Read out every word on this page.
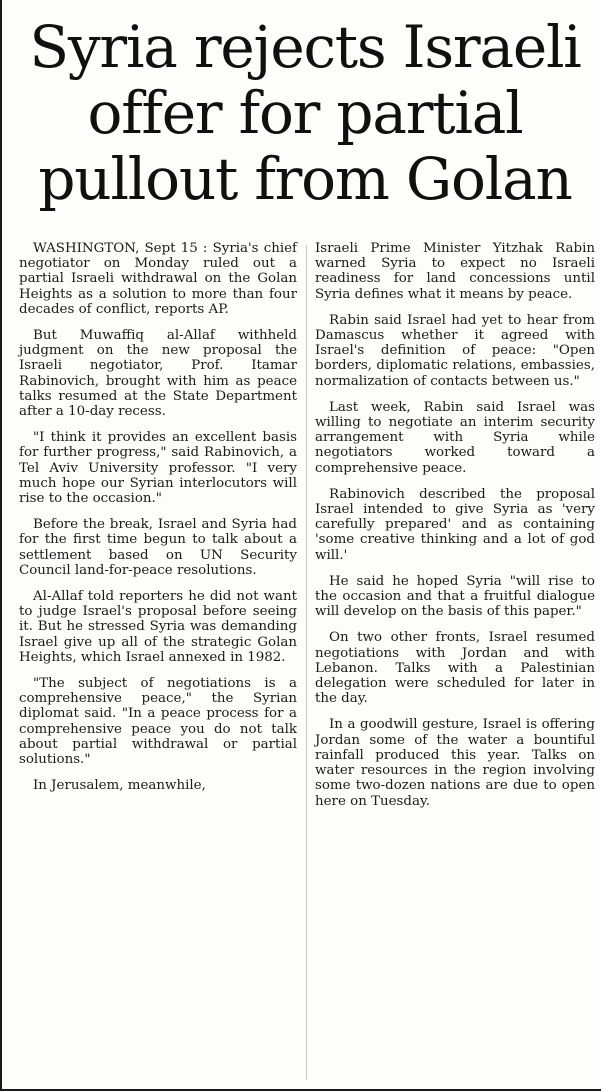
Syria rejects Israeli
offer for partial
pullout from Golan

WASHINGTON, Sept 15 : Syria's chief negotiator on Monday ruled out a partial Israeli withdrawal on the Golan Heights as a solution to more than four decades of conflict, reports AP.

But Muwaffiq al-Allaf withheld judgment on the new proposal the Israeli negotiator, Prof. Itamar Rabinovich, brought with him as peace talks resumed at the State Department after a 10-day recess.

"I think it provides an excellent basis for further progress," said Rabinovich, a Tel Aviv University professor. "I very much hope our Syrian interlocutors will rise to the occasion."

Before the break, Israel and Syria had for the first time begun to talk about a settlement based on UN Security Council land-for-peace resolutions.

Al-Allaf told reporters he did not want to judge Israel's proposal before seeing it. But he stressed Syria was demanding Israel give up all of the strategic Golan Heights, which Israel annexed in 1982.

"The subject of negotiations is a comprehensive peace," the Syrian diplomat said. "In a peace process for a comprehensive peace you do not talk about partial withdrawal or partial solutions."

In Jerusalem, meanwhile,

Israeli Prime Minister Yitzhak Rabin warned Syria to expect no Israeli readiness for land concessions until Syria defines what it means by peace.

Rabin said Israel had yet to hear from Damascus whether it agreed with Israel's definition of peace: "Open borders, diplomatic relations, embassies, normalization of contacts between us."

Last week, Rabin said Israel was willing to negotiate an interim security arrangement with Syria while negotiators worked toward a comprehensive peace.

Rabinovich described the proposal Israel intended to give Syria as 'very carefully prepared' and as containing 'some creative thinking and a lot of god will.'

He said he hoped Syria "will rise to the occasion and that a fruitful dialogue will develop on the basis of this paper."

On two other fronts, Israel resumed negotiations with Jordan and with Lebanon. Talks with a Palestinian delegation were scheduled for later in the day.

In a goodwill gesture, Israel is offering Jordan some of the water a bountiful rainfall produced this year. Talks on water resources in the region involving some two-dozen nations are due to open here on Tuesday.
